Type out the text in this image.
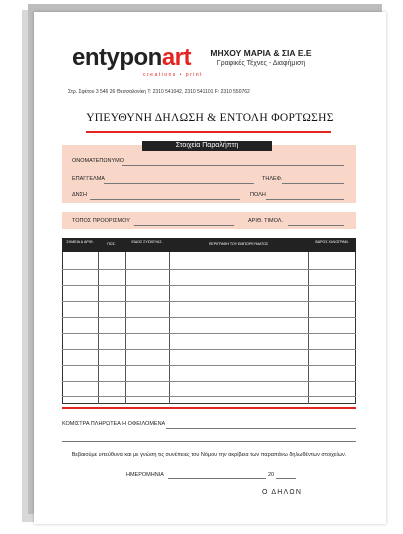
entyponart
creations • print
ΜΗΧΟΥ ΜΑΡΙΑ & ΣΙΑ Ε.Ε
Γραφικές Τέχνες - Διαφήμιση
Στρ. Σφέτου 3 546 26 Θεσσαλονίκη T: 2310 541042, 2310 541101 F: 2310 550762
ΥΠΕΥΘΥΝΗ ΔΗΛΩΣΗ & ΕΝΤΟΛΗ ΦΟΡΤΩΣΗΣ
Στοιχεία Παραλήπτη
ΟΝΟΜΑΤΕΠΩΝΥΜΟ
ΕΠΑΓΓΕΛΜΑ	ΤΗΛΕΦ.
ΔΝΣΗ	ΠΟΛΗ
ΤΟΠΟΣ ΠΡΟΟΡΙΣΜΟΥ	ΑΡΙΘ. ΤΙΜΟΛ.
ΣΗΜΕΙΑ & ΑΡΙΘ.	ΠΟΣ.	ΕΙΔΟΣ ΣΥΣΚΕΥΑΣ.	ΠΕΡΙΓΡΑΦΗ ΤΟΥ ΕΜΠΟΡΕΥΜΑΤΟΣ	ΒΑΡΟΣ ΧΙΛΙΟΓΡΑΜ.
ΚΟΜΙΣΤΡΑ ΠΛΗΡΩΤΕΑ Η ΟΦΕΙΛΟΜΕΝΑ
Βεβαιούμε υπεύθυνα και με γνώση τις συνέπειες του Νόμου την ακρίβεια των παραπάνω δηλωθέντων στοιχείων.
ΗΜΕΡΟΜΗΝΙΑ	20
Ο ΔΗΛΩΝ
